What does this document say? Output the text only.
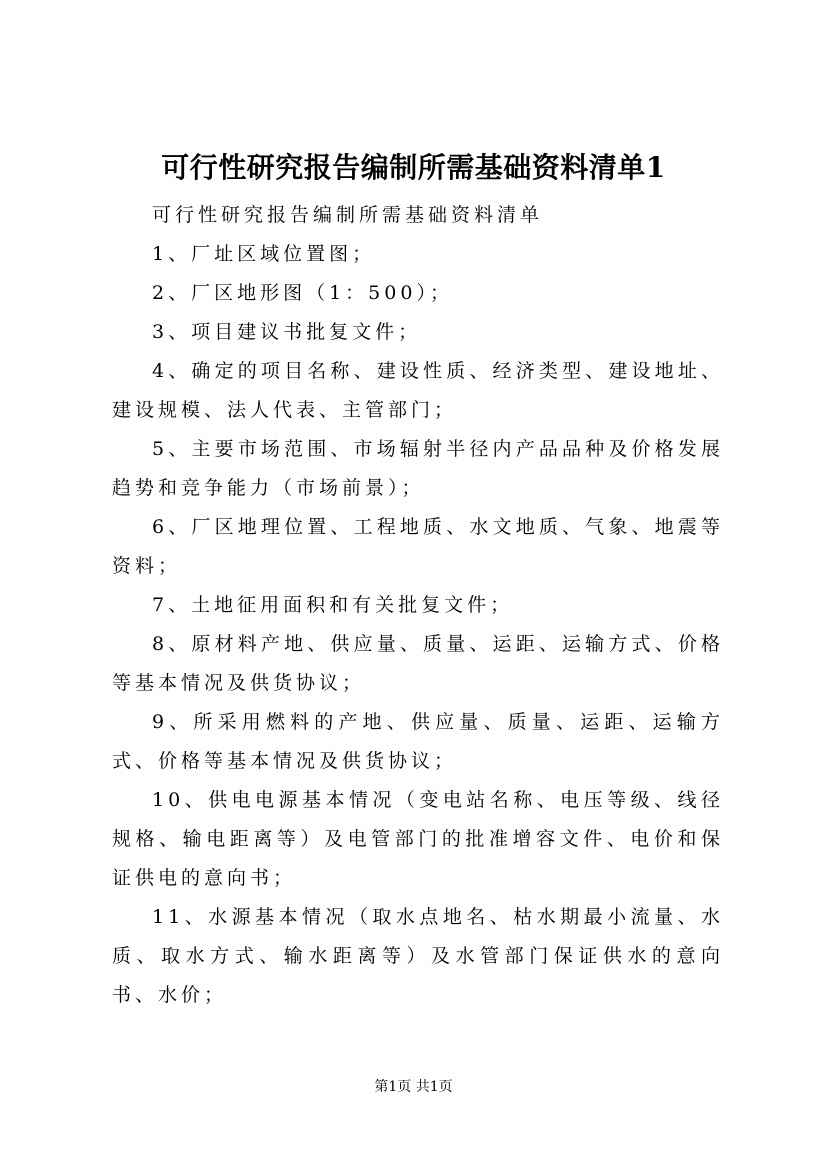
可行性研究报告编制所需基础资料清单1

可行性研究报告编制所需基础资料清单

1、厂址区域位置图；

2、厂区地形图（1：500）；

3、项目建议书批复文件；

4、确定的项目名称、建设性质、经济类型、建设地址、建设规模、法人代表、主管部门；

5、主要市场范围、市场辐射半径内产品品种及价格发展趋势和竞争能力（市场前景）；

6、厂区地理位置、工程地质、水文地质、气象、地震等资料；

7、土地征用面积和有关批复文件；

8、原材料产地、供应量、质量、运距、运输方式、价格等基本情况及供货协议；

9、所采用燃料的产地、供应量、质量、运距、运输方式、价格等基本情况及供货协议；

10、供电电源基本情况（变电站名称、电压等级、线径规格、输电距离等）及电管部门的批准增容文件、电价和保证供电的意向书；

11、水源基本情况（取水点地名、枯水期最小流量、水质、取水方式、输水距离等）及水管部门保证供水的意向书、水价；

第1页 共1页
